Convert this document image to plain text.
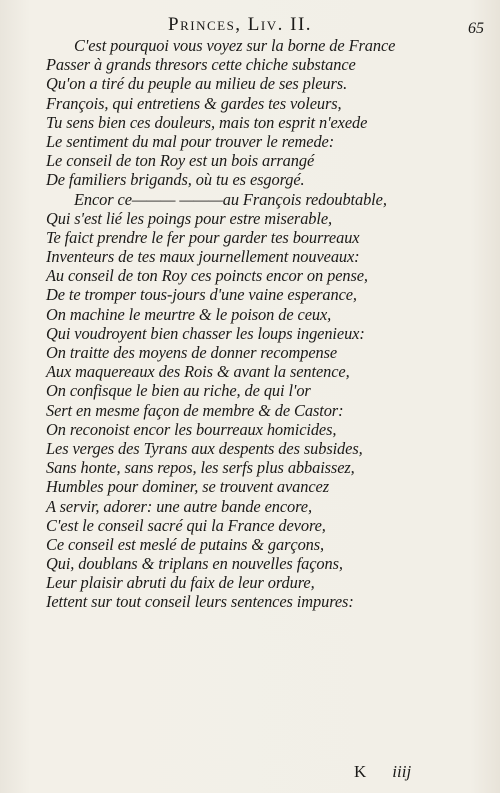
Princes, Liv. II.	65
C'est pourquoi vous voyez sur la borne de France
Passer à grands thresors cette chiche substance
Qu'on a tiré du peuple au milieu de ses pleurs.
François, qui entretiens & gardes tes voleurs,
Tu sens bien ces douleurs, mais ton esprit n'exede
Le sentiment du mal pour trouver le remede:
Le conseil de ton Roy est un bois arrangé
De familiers brigands, où tu es esgorgé.
Encor ce——— ———au François redoubtable,
Qui s'est lié les poings pour estre miserable,
Te faict prendre le fer pour garder tes bourreaux
Inventeurs de tes maux journellement nouveaux:
Au conseil de ton Roy ces poincts encor on pense,
De te tromper tous-jours d'une vaine esperance,
On machine le meurtre & le poison de ceux,
Qui voudroyent bien chasser les loups ingenieux:
On traitte des moyens de donner recompense
Aux maquereaux des Rois & avant la sentence,
On confisque le bien au riche, de qui l'or
Sert en mesme façon de membre & de Castor:
On reconoist encor les bourreaux homicides,
Les verges des Tyrans aux despents des subsides,
Sans honte, sans repos, les serfs plus abbaissez,
Humbles pour dominer, se trouvent avancez
A servir, adorer: une autre bande encore,
C'est le conseil sacré qui la France devore,
Ce conseil est meslé de putains & garçons,
Qui, doublans & triplans en nouvelles façons,
Leur plaisir abruti du faix de leur ordure,
Iettent sur tout conseil leurs sentences impures:
K iiij
